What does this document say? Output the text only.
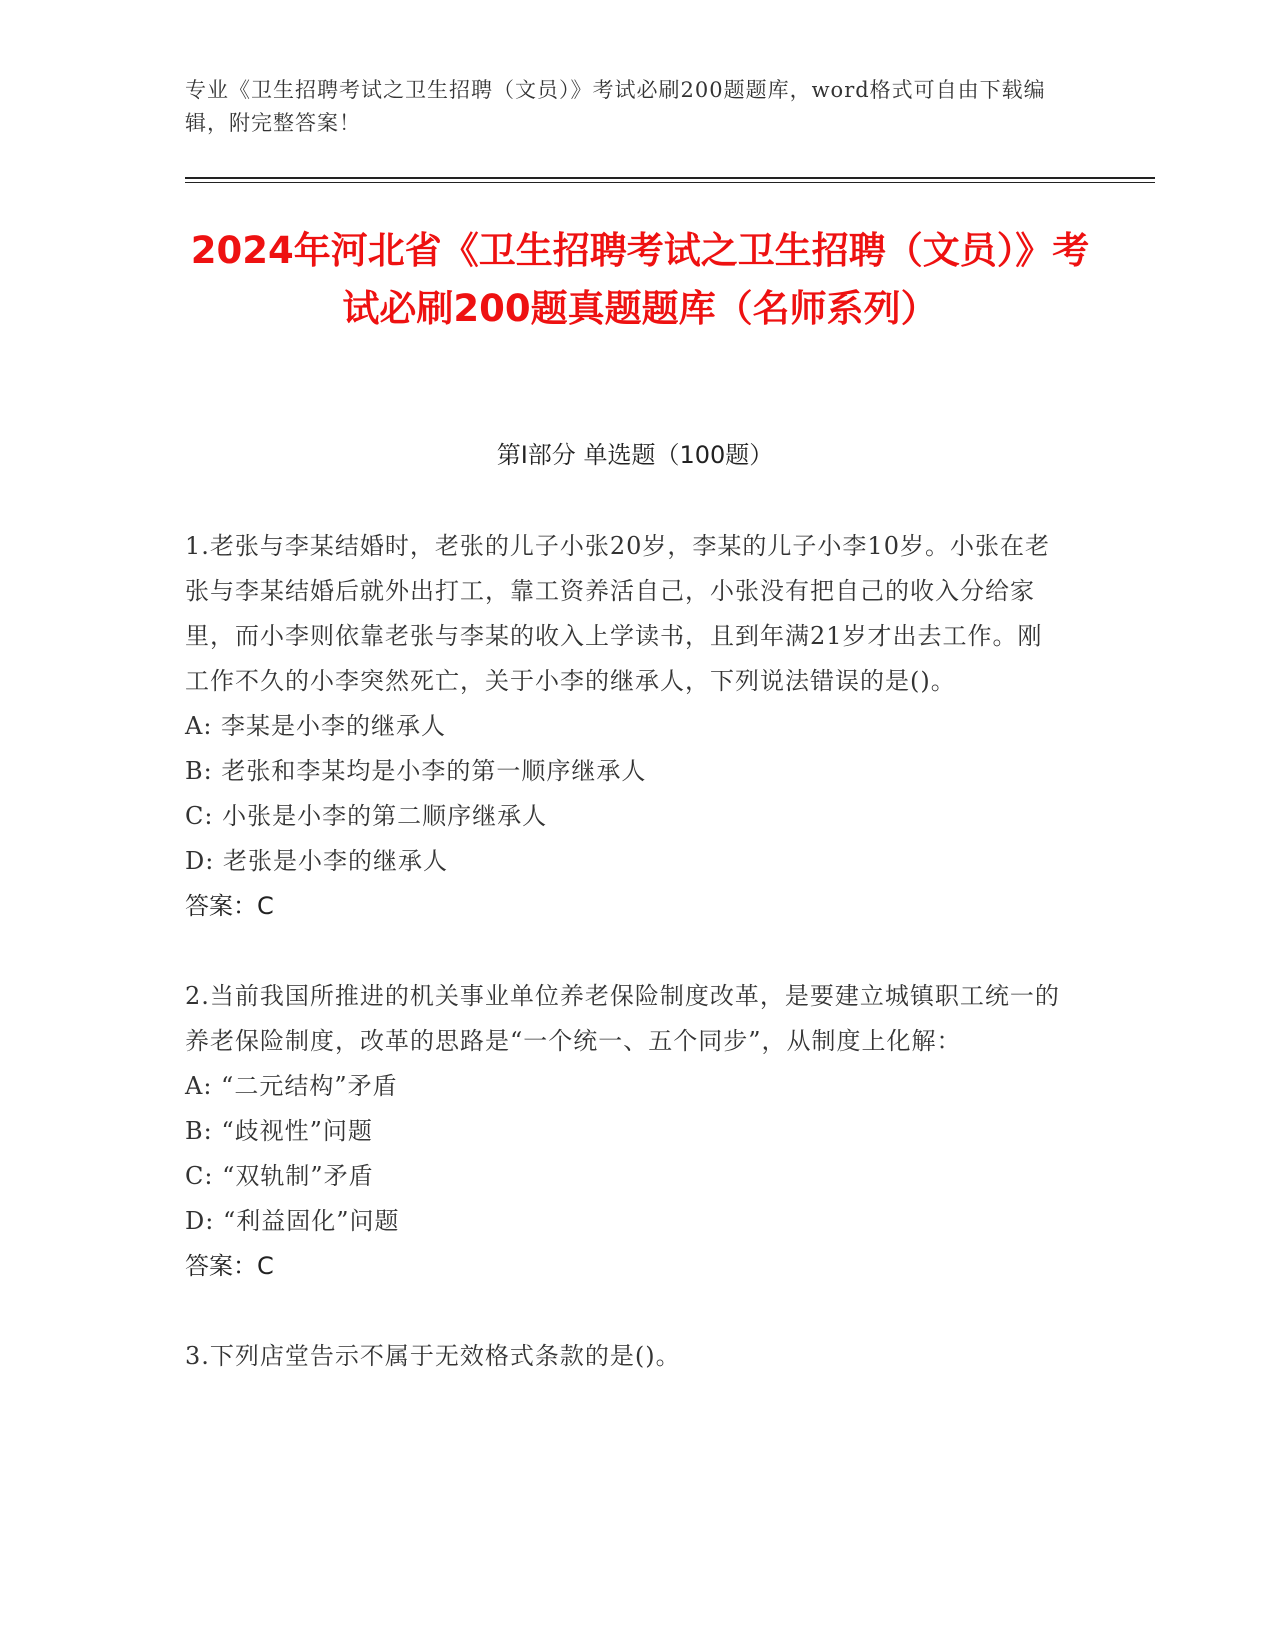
专业《卫生招聘考试之卫生招聘（文员）》考试必刷200题题库，word格式可自由下载编辑，附完整答案！
2024年河北省《卫生招聘考试之卫生招聘（文员）》考试必刷200题真题题库（名师系列）
第Ⅰ部分 单选题（100题）

1.老张与李某结婚时，老张的儿子小张20岁，李某的儿子小李10岁。小张在老张与李某结婚后就外出打工，靠工资养活自己，小张没有把自己的收入分给家里，而小李则依靠老张与李某的收入上学读书，且到年满21岁才出去工作。刚工作不久的小李突然死亡，关于小李的继承人，下列说法错误的是()。

A: 李某是小李的继承人
B: 老张和李某均是小李的第一顺序继承人
C: 小张是小李的第二顺序继承人
D: 老张是小李的继承人

答案：C

2.当前我国所推进的机关事业单位养老保险制度改革，是要建立城镇职工统一的养老保险制度，改革的思路是“一个统一、五个同步”，从制度上化解：

A: “二元结构”矛盾
B: “歧视性”问题
C: “双轨制”矛盾
D: “利益固化”问题

答案：C

3.下列店堂告示不属于无效格式条款的是()。
